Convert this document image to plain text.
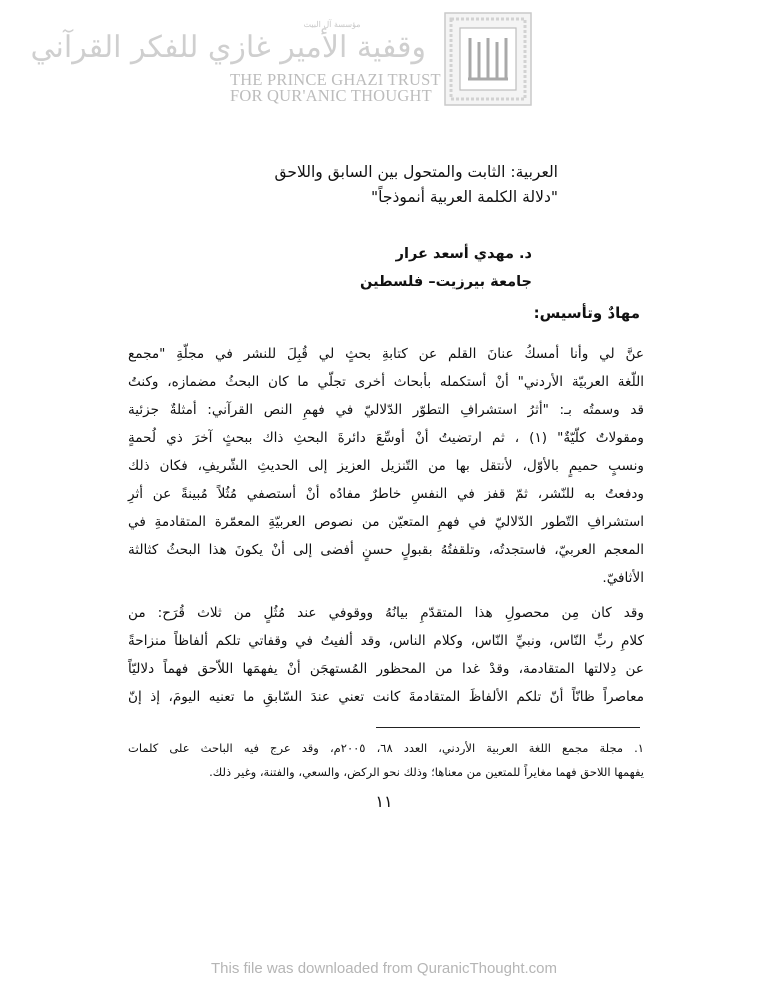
مؤسسة آل البيت
وقفية الأمير غازي للفكر القرآني
THE PRINCE GHAZI TRUST
FOR QUR'ANIC THOUGHT
العربية: الثابت والمتحول بين السابق واللاحق
"دلالة الكلمة العربية أنموذجاً"
د. مهدي أسعد عرار
جامعة بيرزيت– فلسطين
مهادٌ وتأسيس:
عنَّ لي وأنا أمسكُ عنانَ القلم عن كتابةِ بحثٍ لي قُبِلَ للنشر في مجلّةِ "مجمع
اللّغة العربيّة الأردني" أنْ أستكمله بأبحاث أخرى تجلّي ما كان البحثُ مضمازه، وكنتُ
قد وسمتُه بـ: "أثرُ استشرافِ التطوّر الدّلاليّ في فهمِ النص القرآني: أمثلةٌ جزئية
ومقولاتٌ كلّيّةٌ" (١) ، ثم ارتضيتُ أنْ أوسِّعَ دائرةَ البحثِ ذاك ببحثٍ آخرَ ذي لُحمةٍ
ونسبٍ حميمٍ بالأوّل، لأنتقل بها من التّنزيل العزيز إلى الحديثِ الشّريفِ، فكان ذلك
ودفعتُ به للنّشر، ثمّ قفز في النفسِ خاطرٌ مفادُه أنْ أستصفي مُثُلاً مُبينةً عن أثرِ
استشرافِ التّطور الدّلاليّ في فهمِ المتعيّن من نصوص العربيّةِ المعمّرة المتقادمةِ في
المعجم العربيّ، فاستجدتُه، وتلقفتُهُ بقبولٍ حسنٍ أفضى إلى أنْ يكونَ هذا البحثُ كثالثة
الأثافيّ.
وقد كان مِن محصولِ هذا المتقدّمِ بيانُهُ ووقوفي عند مُثُلٍ من ثلاث قُرَح: من
كلامِ ربِّ النّاس، ونبيِّ النّاس، وكلام الناس، وقد ألفيتُ في وقفاتي تلكم ألفاظاً منزاحةً
عن دِلالتها المتقادمة، وقدْ غدا من المحظور المُستهجَن أنْ يفهمَها اللاّحق فهماً دلاليّاً
معاصراً ظانّاً أنّ تلكم الألفاظَ المتقادمةَ كانت تعني عندَ السّابقِ ما تعنيه اليومَ، إذ إنّ
١. مجلة مجمع اللغة العربية الأردني، العدد ٦٨، ٢٠٠٥م، وقد عرج فيه الباحث على كلمات
يفهمها اللاحق فهما مغايراً للمتعين من معناها؛ وذلك نحو الركض، والسعي، والفتنة، وغير ذلك.
١١
This file was downloaded from QuranicThought.com
